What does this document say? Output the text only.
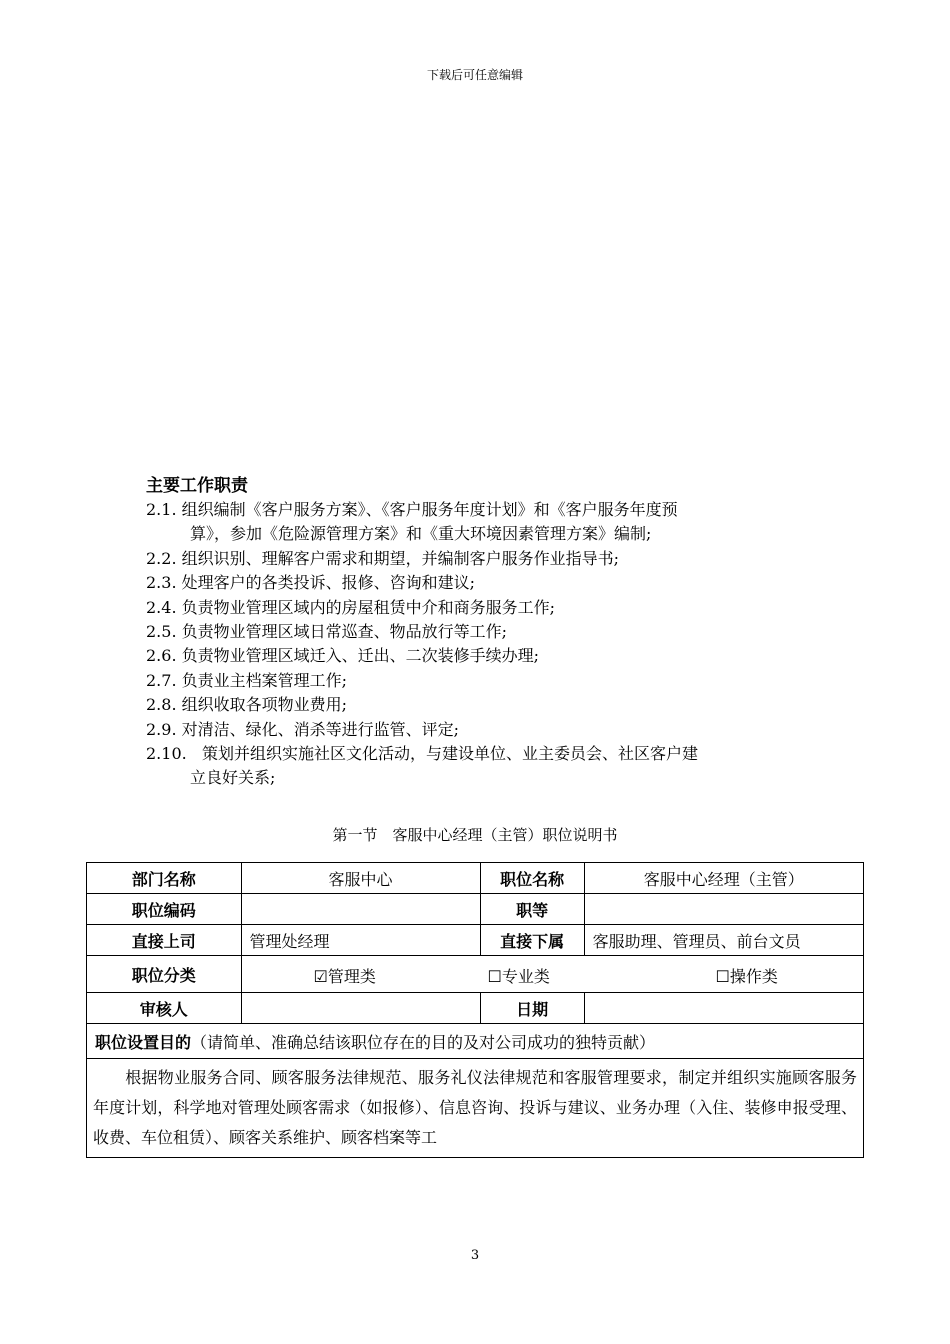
下载后可任意编辑
主要工作职责
2.1. 组织编制《客户服务方案》、《客户服务年度计划》和《客户服务年度预
算》，参加《危险源管理方案》和《重大环境因素管理方案》编制;
2.2. 组织识别、理解客户需求和期望，并编制客户服务作业指导书;
2.3. 处理客户的各类投诉、报修、咨询和建议;
2.4. 负责物业管理区域内的房屋租赁中介和商务服务工作;
2.5. 负责物业管理区域日常巡查、物品放行等工作;
2.6. 负责物业管理区域迁入、迁出、二次装修手续办理;
2.7. 负责业主档案管理工作;
2.8. 组织收取各项物业费用;
2.9. 对清洁、绿化、消杀等进行监管、评定;
2.10. 策划并组织实施社区文化活动，与建设单位、业主委员会、社区客户建
立良好关系;
第一节　客服中心经理（主管）职位说明书
部门名称	客服中心	职位名称	客服中心经理（主管）
职位编码		职等	
直接上司	管理处经理	直接下属	客服助理、管理员、前台文员
职位分类	☑管理类 ☐专业类 ☐操作类		

审核人		日期	
职位设置目的（请简单、准确总结该职位存在的目的及对公司成功的独特贡献）			
根据物业服务合同、顾客服务法律规范、服务礼仪法律规范和客服管理要求，制定并组织实施顾客服务年度计划，科学地对管理处顾客需求（如报修）、信息咨询、投诉与建议、业务办理（入住、装修申报受理、收费、车位租赁）、顾客关系维护、顾客档案等工			
3
